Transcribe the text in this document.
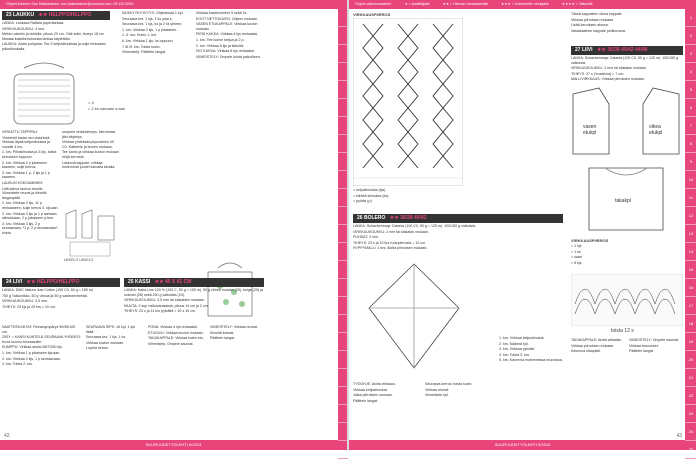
Ohjeet kohteen Sari Hakkarainen, sari.hakkarainen@sanoma.com, 09 120 5915
23 LAUKKU ★★ HELPPO/HELPPO

LANKA: Lankava Raffaia paperilankaa.

VIRKKUUKOUKKU: 4 mm.

Mekko valmiin ja virkkilla, pituus 20 cm. Yläk solki, leveys 18 cm. Mustaa kaksikerroksesta lankaa käytetään.

LAUKKU: Aloita pohjasta. Tee 2 ketjusilmukkaa ja sulje renkaaksi piilosilmukalla.

= 4
= 2 ks samaan s:aan

VIRKATTU TAPPIPAJ:

Yhteenkit tastai nen viskiriosä. Virkkaa läpsä ketjusilmukka ja vuoalle 4 krs.

1. krs: Piilosilmukka ja 3 kjs, toista kerroksen loppuun.

2. krs: Virkkaa 2 p jokaiseen kaareen, sulje kerros.

3. krs: Virkkaa 1 p, 2 kjs ja 1 p kaareen.

LAUKUN KOKOAMINEN:

Liitä kahva laukun sivuille. Viimeistele reunat ja kiinnitä langanpäät.

1. krs: Virkkaa 3 kjs, 11 p renkaaseen, sulje kerros 3. kjs:aan.

2. krs: Virkkaa 3 kjs ja 1 p samaan silmukkaan, 2 p jokaiseen p:hen.

3. krs: Virkkaa 3 kjs, 2 p seuraavaan, *1 p, 2 p seuraavaan*, toista.

umpeen verkkoleveys, hiermetasi jäin käytetys.

Virkkaa yhdeksänyöpunainen 40 C0. Kääntele ja kuvien mukaan.

Tee kanto ja virkkaa kuvion mukaan neljä kerrosta.

Laskonä kappale: virkkaa molemmat puolet samalla tavalla.

UKKELO UKKELO

MUKKYYKYYKYYS: Ohjeistusta 1 kpl.

Seuraava krs: 1 kjs, 1 ks joka s.

Seuraava krs: 1 kjs, ks ja 2 ks yhteen.

1. krs: Virkkaa 3 kjs, 1 p jokaiseen.

2.-5. krs: Kuten 1. krs.

6. krs: Virkkaa 1 kjs, ks loppuun.

7./8./9. krs: Toista kuvio.

Viimeistely: Päättele langat.

Virkkaa kaarenumero 5 sekä 2s.

KOOT NETTOKASSI: Ohjeen mukaan.

VASEN ETUKAPPALE: Virkkaa kuvion mukaan.

PIENI KUKKA: Virkkaa 4 kjs renkaaksi.

1. krs: Tee kolme ketjua ja 2 p.

2. krs: Virkkaa 5 kjs ja kiinnitä.

ISO KUKKA: Virkkaa 8 kjs renkaaksi.

VIIMEISTELY: Ompele kukat paikoilleen.

24 LIVI ★★ HELPPO/HELPPO

LANKA: DMC Natura Just Cotton (100 C0, 50 g = 155 m)

750 g Talviunikko, 50 g Vanua ja 50 g vaaleanvihreää.

VIRKKUUKOUKKU: 3,5 mm.

TIHEYS: 23 kjs ja 25 krs = 10 cm.

25 KASSI ★★ 40 X 41 CM

LANKA: Katia Line 100 % (100 C, 50 g = 150 m). 50 g vihreä mustaa (25), beige (25) ja oranssi (28) sekä 150 g valkoista (24).

VIRKKUUKOUKKU: 3,5 mm tai käsiaiden mukaan.

MUUTA: 2 sup valkovanaiaisia, pituus 14 cm ja 2 cm.

TIHEYS: 23 s ja 11 krs pylväitä = 10 x 10 cm.

VAATTEEN MITAT: Rinnanympärys 90/96/100 cm.

25SY = KANSI KUNTELÄ SEURAAVA YHDEKSI: Kuva kuuluu seuraavalle.

KUMPPU: Virkkaa aluksi 68/72/80 kjs.

1. krs: Virkkaa 1 p jokaiseen kjs:aan.

2. krs: Virkkaa 3 kjs, 1 p seuraavaan.

3. krs: Toista 2. krs.

SEURAAVA SIPS: 16 kpl, 1 kpl lisää.

Seuraava krs: 1 kjs, 1 ks.

Virkkaa kuvion mukaan.

Lopeta kerros.

PONA: Virkkaa 4 kjs renkaaksi.

ETUSIVU: Virkkaa kuvion mukaan.

TAKAKAPPALE: Virkkaa kuten etu.

Viimeistely: Ompele saumat.

VIIMEISTELY: Virkkaa reunat.

Kiinnitä kahvat.

Päättele langat.

42
SUURI KÄSITYÖLEHTI 5/2013
Ohjeet valmiuusasteet:	★ = Aloittelijalle	★★ = Hieman harrastaneille	★★★ = Kokeneelle neulojalle	★★★★ = Taitaville
VIRKKAUSPIIRROS

= ketjusilmukka (kjs)

= kiinteä silmukka (ks)

= pylväs (p)

Tässä kappaleen oikea kappale.

Virkkaa piirroksen mukaan.

Lisää kerroksen alussa.

Vastakkainen kappale peilikuvana.

27 LIIVI ★★ 36/38 40/42 44/46

LANKA: Schachenmayr Catania (100 C0, 50 g = 125 m). 100/150 g valkoista.

VIRKKUUKOUKKU: 3 mm tai käsialan mukaan.

TIHEYS: 27 s (*maailma) = 7 cm.

MALLIVIRKKAUS: Virkkaa piirroksen mukaan.

vasen
etukpl
oikea
etukpl
takakpl
26 BOLERO ★★ 36/38 40/42

LANKA: Schachenmayr Catania (100 C0, 50 g = 125 m). 100/150 g valkoista.

VIRKKUUKOUKKU: 2 mm tai käsialan mukaan.

PUHDAT: 2 mm.

TIHEYS: 23 s ja 10 krs ruutupiirrosta = 10 cm.

RYPPYMALLI: 1 krs: Aloita piirroksen mukaan.

VIRKKAUSPIIRROS

= 1 kjs

= 1 ks

= kaari

= 5 kjs

toista 12 s

TYÖOHJE: Aloita virkkaus.

Virkkaa ketjusilmukat.

Jatka piirroksen mukaan.

Päättele langat.

Seuraava kerros: toista kuvio.

Virkkaa reunat.

Viimeistele työ.

1. krs: Virkkaa ketjusilmukat.

2. krs: Käännä työ.

3. krs: Virkkaa pylväät.

4. krs: Toista 3. krs.

5. krs: Kavenna molemmissa reunoissa.

TAKAKAPPALE: Aloita alhaalta.

Virkkaa piirroksen mukaan.

Kavenna olkapäät.

VIIMEISTELY: Ompele saumat.

Virkkaa reunukset.

Päättele langat.

43
SUURI KÄSITYÖLEHTI 5/2013
1
2
3
4
5
6
7
8
9
10
11
12
13
14
15
16
17
18
19
20
21
22
23
24
25
